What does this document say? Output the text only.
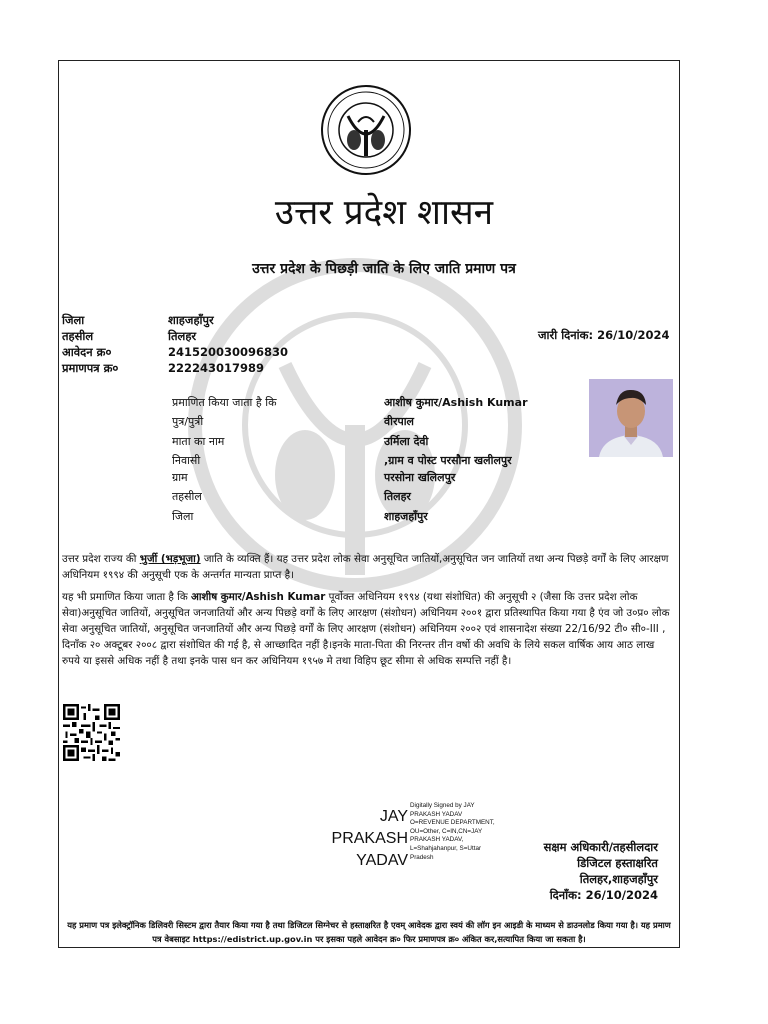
उत्तर प्रदेश शासन
उत्तर प्रदेश के पिछड़ी जाति के लिए जाति प्रमाण पत्र
जिला	शाहजहाँपुर
तहसील	तिलहर
आवेदन क्र०	241520030096830
प्रमाणपत्र क्र०	222243017989
जारी दिनांक: 26/10/2024
प्रमाणित किया जाता है कि	आशीष कुमार/Ashish Kumar
पुत्र/पुत्री	वीरपाल
माता का नाम	उर्मिला देवी
निवासी	,ग्राम व पोस्ट परसौना खलीलपुर
ग्राम	परसोना खलिलपुर
तहसील	तिलहर
जिला	शाहजहाँपुर
उत्तर प्रदेश राज्य की भुर्जी (भड़भूजा) जाति के व्यक्ति हैं। यह उत्तर प्रदेश लोक सेवा अनुसूचित जातियों,अनुसूचित जन जातियों तथा अन्य पिछड़े वर्गों के लिए आरक्षण अधिनियम १९९४ की अनुसूची एक के अन्तर्गत मान्यता प्राप्त है।
यह भी प्रमाणित किया जाता है कि आशीष कुमार/Ashish Kumar पूर्वोक्त अधिनियम १९९४ (यथा संशोधित) की अनुसूची २ (जैसा कि उत्तर प्रदेश लोक सेवा)अनुसूचित जातियों, अनुसूचित जनजातियों और अन्य पिछड़े वर्गों के लिए आरक्षण (संशोधन) अधिनियम २००१ द्वारा प्रतिस्थापित किया गया है एंव जो उ०प्र० लोक सेवा अनुसूचित जातियों, अनुसूचित जनजातियों और अन्य पिछड़े वर्गों के लिए आरक्षण (संशोधन) अधिनियम २००२ एवं शासनादेश संख्या 22/16/92 टी० सी०-III , दिनाँक २० अक्टूबर २००८ द्वारा संशोधित की गई है, से आच्छादित नहीं है।इनके माता-पिता की निरन्तर तीन वर्षो की अवधि के लिये सकल वार्षिक आय आठ लाख रुपये या इससे अधिक नहीं है तथा इनके पास धन कर अधिनियम १९५७ मे तथा विहिप छूट सीमा से अधिक सम्पत्ति नहीं है।
JAY
PRAKASH
YADAV
Digitally Signed by JAY
PRAKASH YADAV
O=REVENUE DEPARTMENT,
OU=Other, C=IN,CN=JAY
PRAKASH YADAV,
L=Shahjahanpur, S=Uttar
Pradesh
सक्षम अधिकारी/तहसीलदार
डिजिटल हस्ताक्षरित
तिलहर,शाहजहाँपुर
दिनाँक: 26/10/2024
यह प्रमाण पत्र इलेक्ट्रॉनिक डिलिवरी सिस्टम द्वारा तैयार किया गया है तथा डिजिटल सिग्नेचर से हस्ताक्षरित है एवम् आवेदक द्वारा स्वयं की लॉग इन आइडी के माध्यम से डाउनलोड किया गया है। यह प्रमाण पत्र वेबसाइट https://edistrict.up.gov.in पर इसका पहले आवेदन क्र० फिर प्रमाणपत्र क्र० अंकित कर,सत्यापित किया जा सकता है।
